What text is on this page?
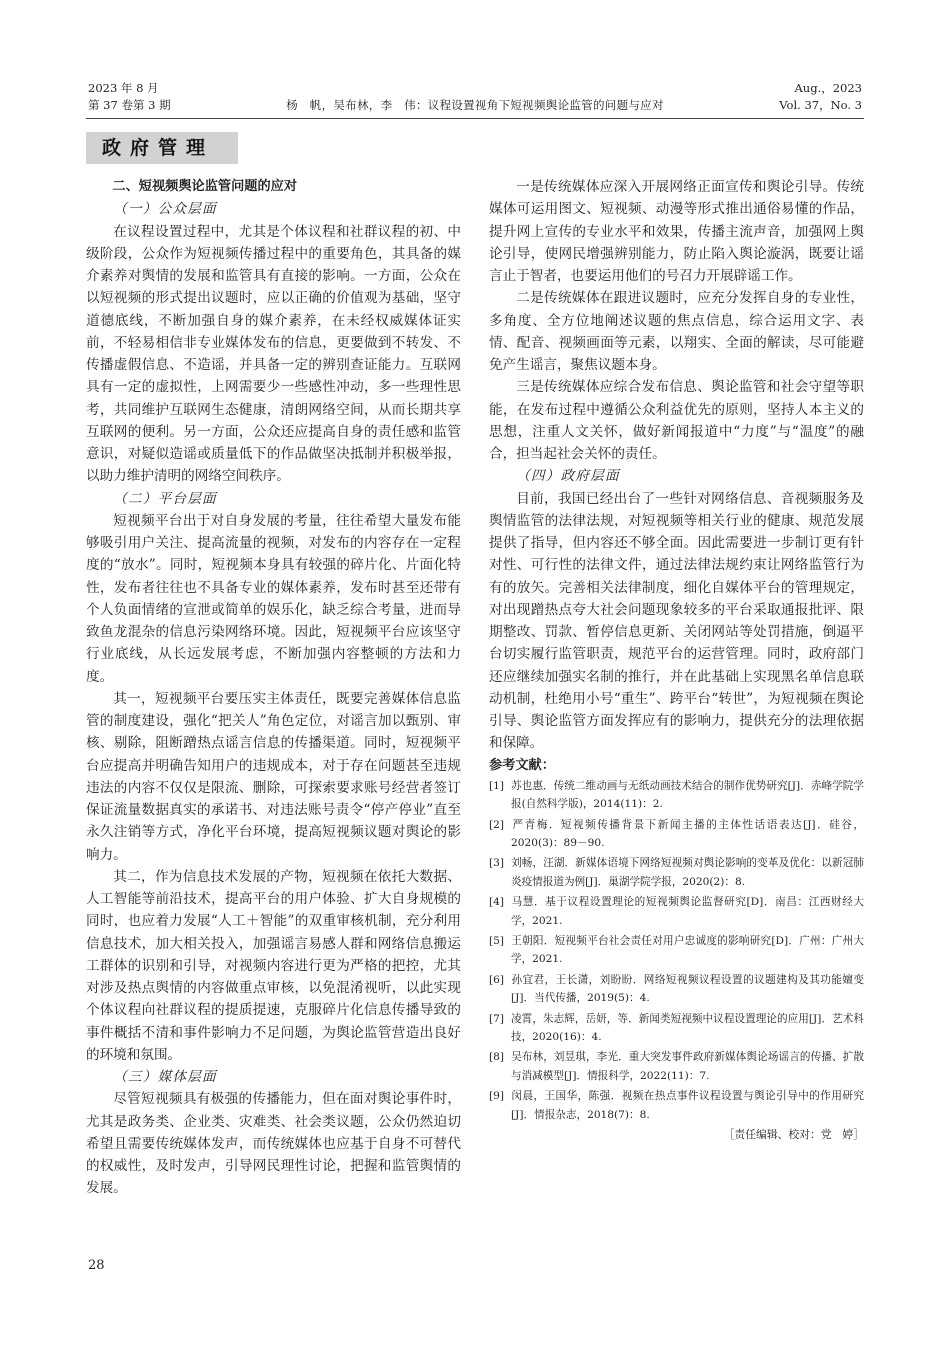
2023 年 8 月
第 37 卷第 3 期	杨　帆，吴布林，李　伟：议程设置视角下短视频舆论监管的问题与应对
Aug.，2023
Vol. 37，No. 3
政府管理

二、短视频舆论监管问题的应对

（一）公众层面

在议程设置过程中，尤其是个体议程和社群议程的初、中级阶段，公众作为短视频传播过程中的重要角色，其具备的媒介素养对舆情的发展和监管具有直接的影响。一方面，公众在以短视频的形式提出议题时，应以正确的价值观为基础，坚守道德底线，不断加强自身的媒介素养，在未经权威媒体证实前，不轻易相信非专业媒体发布的信息，更要做到不转发、不传播虚假信息、不造谣，并具备一定的辨别查证能力。互联网具有一定的虚拟性，上网需要少一些感性冲动，多一些理性思考，共同维护互联网生态健康，清朗网络空间，从而长期共享互联网的便利。另一方面，公众还应提高自身的责任感和监管意识，对疑似造谣或质量低下的作品做坚决抵制并积极举报，以助力维护清明的网络空间秩序。

（二）平台层面

短视频平台出于对自身发展的考量，往往希望大量发布能够吸引用户关注、提高流量的视频，对发布的内容存在一定程度的“放水”。同时，短视频本身具有较强的碎片化、片面化特性，发布者往往也不具备专业的媒体素养，发布时甚至还带有个人负面情绪的宣泄或简单的娱乐化，缺乏综合考量，进而导致鱼龙混杂的信息污染网络环境。因此，短视频平台应该坚守行业底线，从长远发展考虑，不断加强内容整顿的方法和力度。

其一，短视频平台要压实主体责任，既要完善媒体信息监管的制度建设，强化“把关人”角色定位，对谣言加以甄别、审核、剔除，阻断蹭热点谣言信息的传播渠道。同时，短视频平台应提高并明确告知用户的违规成本，对于存在问题甚至违规违法的内容不仅仅是限流、删除，可探索要求账号经营者签订保证流量数据真实的承诺书、对违法账号责令“停产停业”直至永久注销等方式，净化平台环境，提高短视频议题对舆论的影响力。

其二，作为信息技术发展的产物，短视频在依托大数据、人工智能等前沿技术，提高平台的用户体验、扩大自身规模的同时，也应着力发展“人工＋智能”的双重审核机制，充分利用信息技术，加大相关投入，加强谣言易感人群和网络信息搬运工群体的识别和引导，对视频内容进行更为严格的把控，尤其对涉及热点舆情的内容做重点审核，以免混淆视听，以此实现个体议程向社群议程的提质提速，克服碎片化信息传播导致的事件概括不清和事件影响力不足问题，为舆论监管营造出良好的环境和氛围。

（三）媒体层面

尽管短视频具有极强的传播能力，但在面对舆论事件时，尤其是政务类、企业类、灾难类、社会类议题，公众仍然迫切希望且需要传统媒体发声，而传统媒体也应基于自身不可替代的权威性，及时发声，引导网民理性讨论，把握和监管舆情的发展。

一是传统媒体应深入开展网络正面宣传和舆论引导。传统媒体可运用图文、短视频、动漫等形式推出通俗易懂的作品，提升网上宣传的专业水平和效果，传播主流声音，加强网上舆论引导，使网民增强辨别能力，防止陷入舆论漩涡，既要让谣言止于智者，也要运用他们的号召力开展辟谣工作。

二是传统媒体在跟进议题时，应充分发挥自身的专业性，多角度、全方位地阐述议题的焦点信息，综合运用文字、表情、配音、视频画面等元素，以翔实、全面的解读，尽可能避免产生谣言，聚焦议题本身。

三是传统媒体应综合发布信息、舆论监管和社会守望等职能，在发布过程中遵循公众利益优先的原则，坚持人本主义的思想，注重人文关怀，做好新闻报道中“力度”与“温度”的融合，担当起社会关怀的责任。

（四）政府层面

目前，我国已经出台了一些针对网络信息、音视频服务及舆情监管的法律法规，对短视频等相关行业的健康、规范发展提供了指导，但内容还不够全面。因此需要进一步制订更有针对性、可行性的法律文件，通过法律法规约束让网络监管行为有的放矢。完善相关法律制度，细化自媒体平台的管理规定，对出现蹭热点夸大社会问题现象较多的平台采取通报批评、限期整改、罚款、暂停信息更新、关闭网站等处罚措施，倒逼平台切实履行监管职责，规范平台的运营管理。同时，政府部门还应继续加强实名制的推行，并在此基础上实现黑名单信息联动机制，杜绝用小号“重生”、跨平台“转世”，为短视频在舆论引导、舆论监管方面发挥应有的影响力，提供充分的法理依据和保障。

参考文献：
[1] 苏也惠．传统二维动画与无纸动画技术结合的制作优势研究[J]．赤峰学院学报(自然科学版)，2014(11)：2.
[2] 严青梅．短视频传播背景下新闻主播的主体性话语表达[J]．硅谷，2020(3)：89－90.
[3] 刘畅，汪湖．新媒体语境下网络短视频对舆论影响的变革及优化：以新冠肺炎疫情报道为例[J]．巢湖学院学报，2020(2)：8.
[4] 马慧．基于议程设置理论的短视频舆论监督研究[D]．南昌：江西财经大学，2021.
[5] 王朝阳．短视频平台社会责任对用户忠诚度的影响研究[D]．广州：广州大学，2021.
[6] 孙宜君，王长潇，刘盼盼．网络短视频议程设置的议题建构及其功能嬗变[J]．当代传播，2019(5)：4.
[7] 凌霄，朱志辉，岳妍，等．新闻类短视频中议程设置理论的应用[J]．艺术科技，2020(16)：4.
[8] 吴布林，刘昱琪，李光．重大突发事件政府新媒体舆论场谣言的传播、扩散与消减模型[J]．情报科学，2022(11)：7.
[9] 闵晨，王国华，陈强．视频在热点事件议程设置与舆论引导中的作用研究[J]．情报杂志，2018(7)：8.
［责任编辑、校对：党　婷］
28
